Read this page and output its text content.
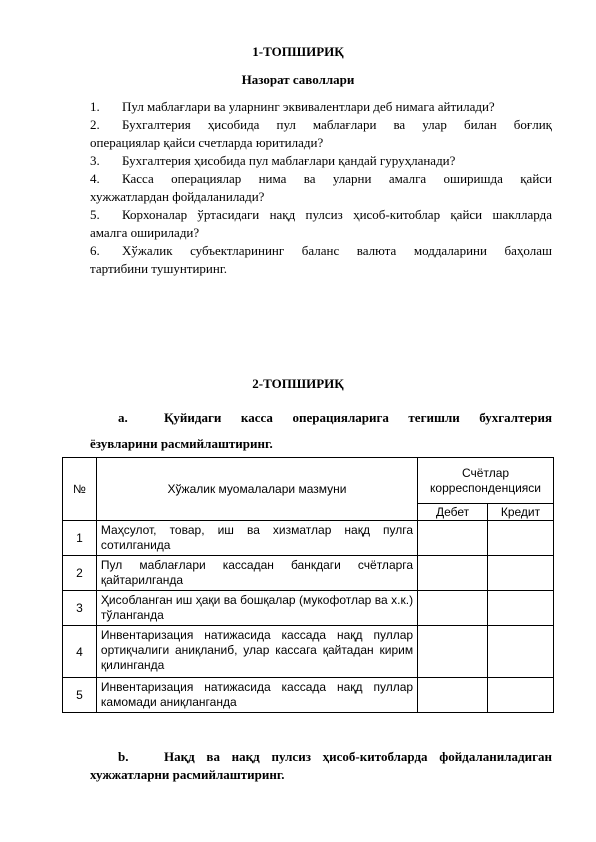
1-ТОПШИРИҚ
Назорат саволлари
1.	Пул маблағлари ва уларнинг эквивалентлари деб нимага айтилади?
2.	Бухгалтерия ҳисобида пул маблағлари ва улар билан боғлиқ
операциялар қайси счетларда юритилади?
3.	Бухгалтерия ҳисобида пул маблағлари қандай гуруҳланади?
4.	Касса операциялар нима ва уларни амалга оширишда қайси
хужжатлардан фойдаланилади?
5.	Корхоналар ўртасидаги нақд пулсиз ҳисоб-китоблар қайси шаклларда
амалга оширилади?
6.	Хўжалик субъектларининг баланс валюта моддаларини баҳолаш
тартибини тушунтиринг.
2-ТОПШИРИҚ
a.	Қуйидаги касса операцияларига тегишли бухгалтерия
ёзувларини расмийлаштиринг.
№	Хўжалик муомалалари мазмуни	Счётлар
корреспонденцияси	

		Дебет	Кредит
1	Маҳсулот, товар, иш ва хизматлар нақд пулга сотилганида		
2	Пул маблағлари кассадан банкдаги счётларга қайтарилганда		
3	Ҳисобланган иш ҳақи ва бошқалар (мукофотлар ва х.к.) тўланганда		
4	Инвентаризация натижасида кассада нақд пуллар ортиқчалиги аниқланиб, улар кассага қайтадан кирим қилинганда		
5	Инвентаризация натижасида кассада нақд пуллар камомади аниқланганда		
b.	Нақд ва нақд пулсиз ҳисоб-китобларда фойдаланиладиган
хужжатларни расмийлаштиринг.
